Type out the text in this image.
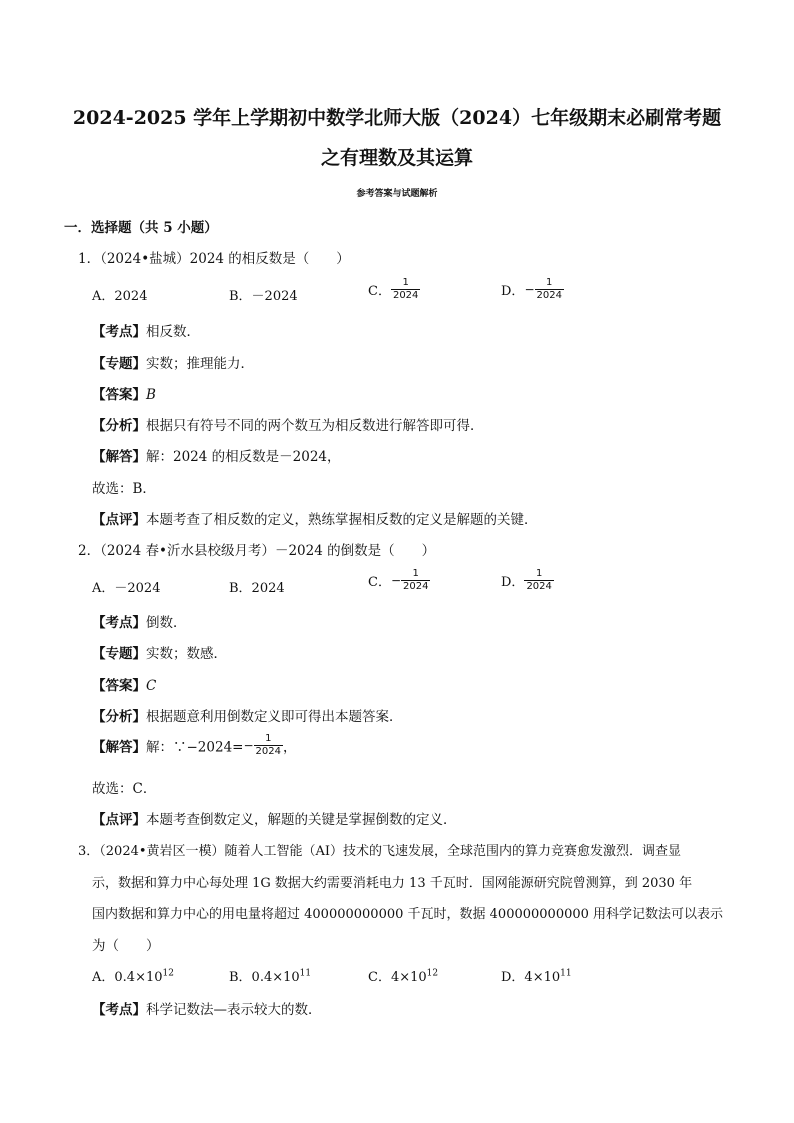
2024-2025 学年上学期初中数学北师大版（2024）七年级期末必刷常考题
之有理数及其运算
参考答案与试题解析
一．选择题（共 5 小题）
1．（2024•盐城）2024 的相反数是（　　）
A．2024	B．－2024	C． $\frac{1}{2024}$	D．− $\frac{1}{2024}$
【考点】相反数．
【专题】实数；推理能力．
【答案】B
【分析】根据只有符号不同的两个数互为相反数进行解答即可得．
【解答】解：2024 的相反数是－2024，
故选：B．
【点评】本题考查了相反数的定义，熟练掌握相反数的定义是解题的关键．
2．（2024 春•沂水县校级月考）－2024 的倒数是（　　）
A．－2024	B．2024	C．− $\frac{1}{2024}$	D． $\frac{1}{2024}$
【考点】倒数．
【专题】实数；数感．
【答案】C
【分析】根据题意利用倒数定义即可得出本题答案．
【解答】解：∵−2024=− $\frac{1}{2024}$ ，
故选：C．
【点评】本题考查倒数定义，解题的关键是掌握倒数的定义．
3．（2024•黄岩区一模）随着人工智能（AI）技术的飞速发展，全球范围内的算力竞赛愈发激烈．调查显
示，数据和算力中心每处理 1G 数据大约需要消耗电力 13 千瓦时．国网能源研究院曾测算，到 2030 年
国内数据和算力中心的用电量将超过 400000000000 千瓦时，数据 400000000000 用科学记数法可以表示
为（　　）
A．$0.4\times 10^{12}$	B．$0.4\times 10^{11}$	C．$4\times 10^{12}$	D．$4\times 10^{11}$
【考点】科学记数法—表示较大的数．
